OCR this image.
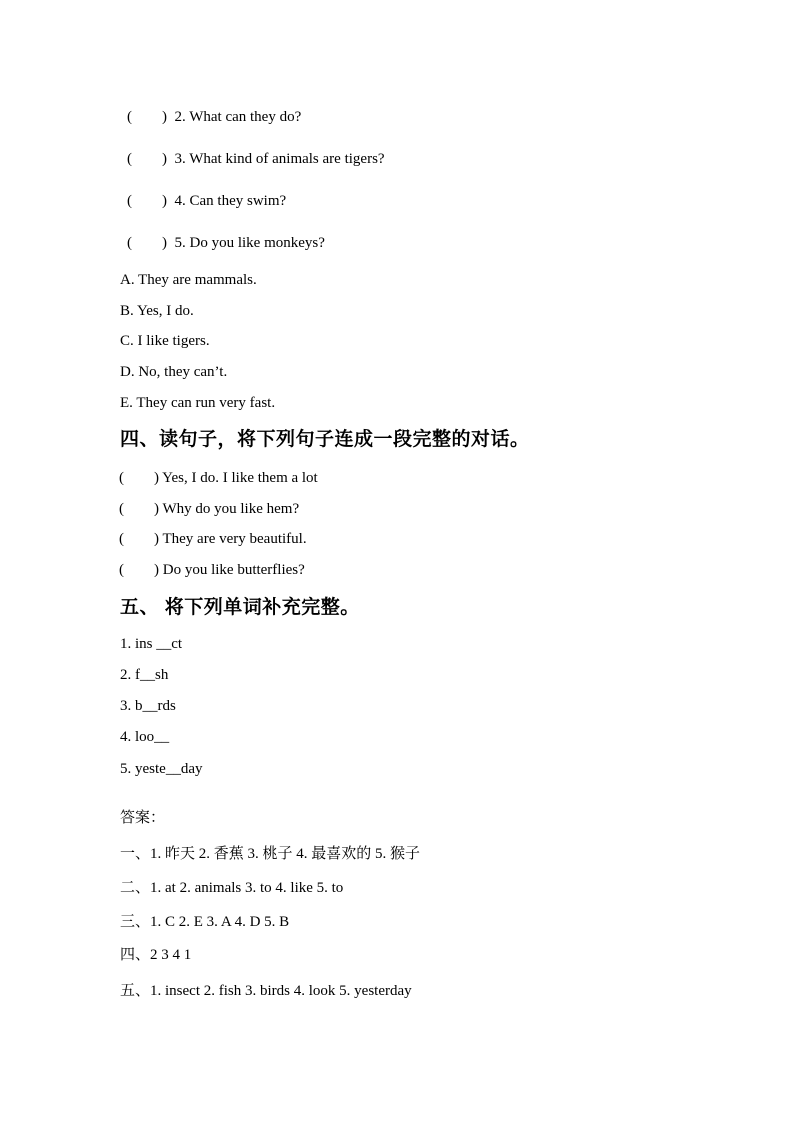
(        )  2. What can they do?
(        )  3. What kind of animals are tigers?
(        )  4. Can they swim?
(        )  5. Do you like monkeys?
A. They are mammals.
B. Yes, I do.
C. I like tigers.
D. No, they can’t.
E. They can run very fast.
四、读句子，将下列句子连成一段完整的对话。
(        ) Yes, I do. I like them a lot
(        ) Why do you like hem?
(        ) They are very beautiful.
(        ) Do you like butterflies?
五、 将下列单词补充完整。
1. ins __ct
2. f__sh
3. b__rds
4. loo__
5. yeste__day
答案：
一、1. 昨天 2. 香蕉 3. 桃子 4. 最喜欢的 5. 猴子
二、1. at 2. animals 3. to 4. like 5. to
三、1. C 2. E 3. A 4. D 5. B
四、2 3 4 1
五、1. insect 2. fish 3. birds 4. look 5. yesterday
